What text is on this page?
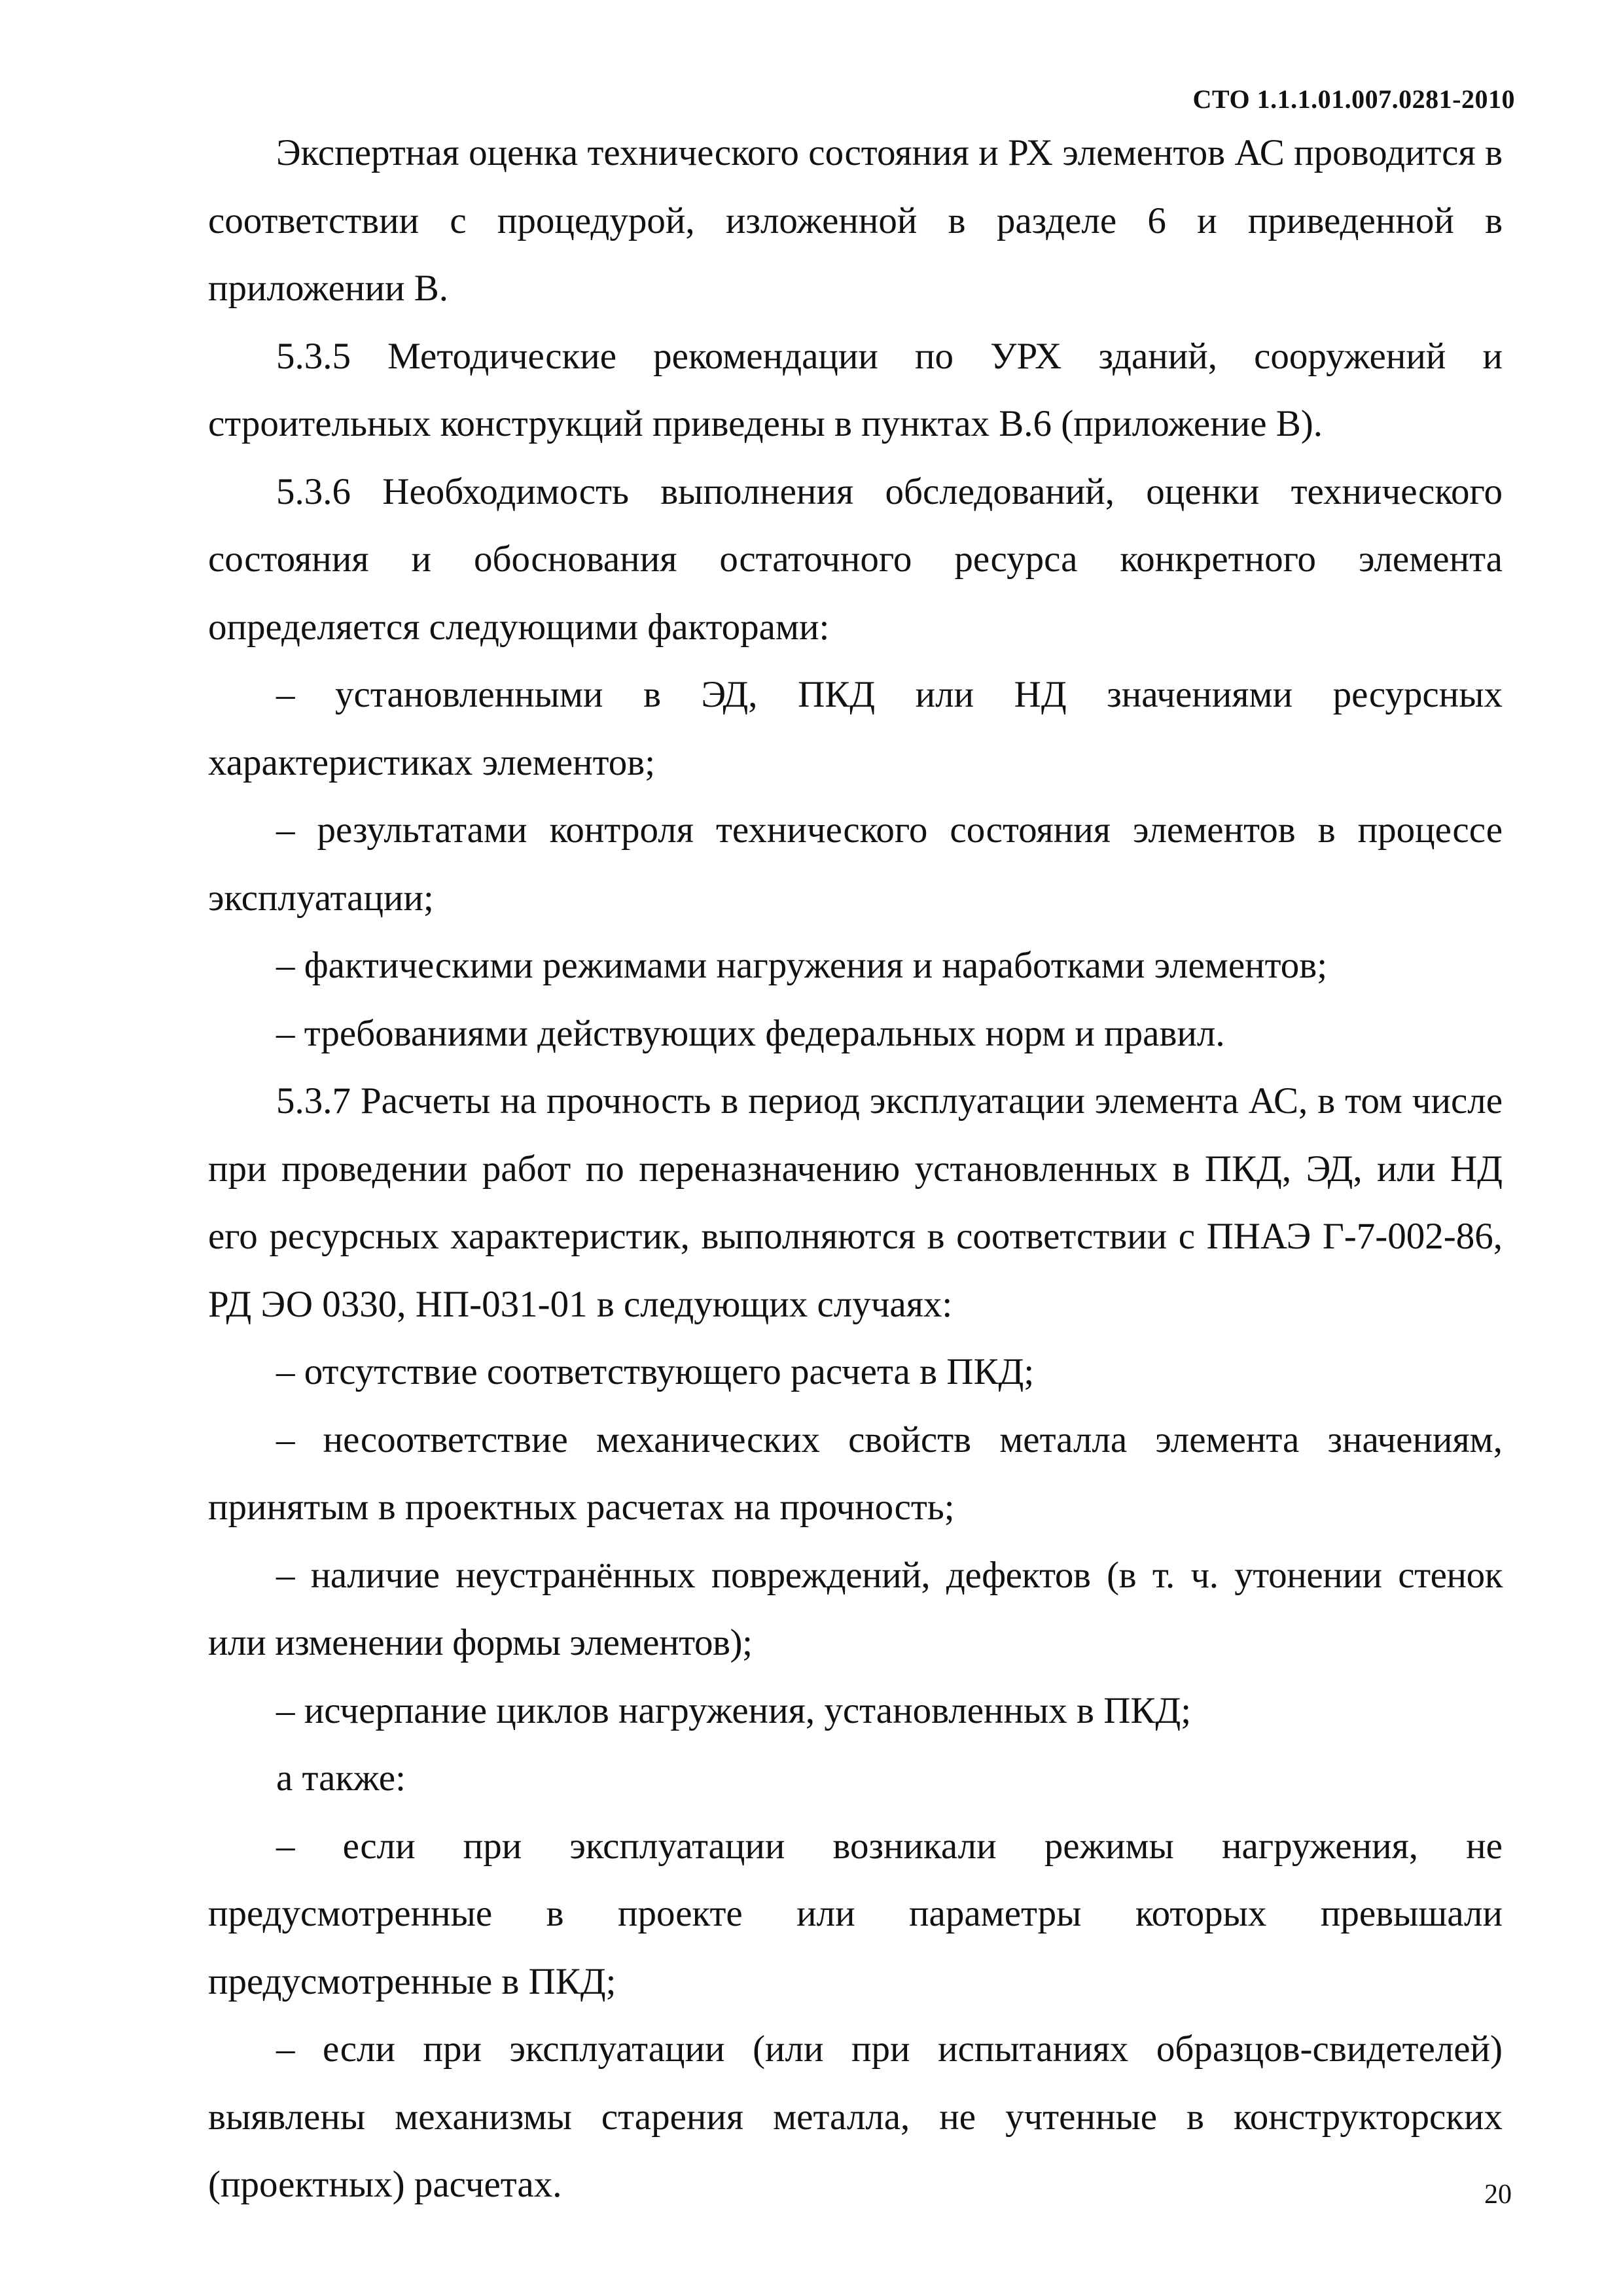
СТО 1.1.1.01.007.0281-2010

Экспертная оценка технического состояния и РХ элементов АС проводится в соответствии с процедурой, изложенной в разделе 6 и приведенной в приложении В.

5.3.5 Методические рекомендации по УРХ зданий, сооружений и строительных конструкций приведены в пунктах В.6 (приложение В).

5.3.6 Необходимость выполнения обследований, оценки технического состояния и обоснования остаточного ресурса конкретного элемента определяется следующими факторами:

– установленными в ЭД, ПКД или НД значениями ресурсных характеристиках элементов;

– результатами контроля технического состояния элементов в процессе эксплуатации;

– фактическими режимами нагружения и наработками элементов;

– требованиями действующих федеральных норм и правил.

5.3.7 Расчеты на прочность в период эксплуатации элемента АС, в том числе при проведении работ по переназначению установленных в ПКД, ЭД, или НД его ресурсных характеристик, выполняются в соответствии с ПНАЭ Г-7-002-86, РД ЭО 0330, НП-031-01 в следующих случаях:

– отсутствие соответствующего расчета в ПКД;

– несоответствие механических свойств металла элемента значениям, принятым в проектных расчетах на прочность;

– наличие неустранённых повреждений, дефектов (в т. ч. утонении стенок или изменении формы элементов);

– исчерпание циклов нагружения, установленных в ПКД;

а также:

– если при эксплуатации возникали режимы нагружения, не предусмотренные в проекте или параметры которых превышали предусмотренные в ПКД;

– если при эксплуатации (или при испытаниях образцов-свидетелей) выявлены механизмы старения металла, не учтенные в конструкторских (проектных) расчетах.	20
